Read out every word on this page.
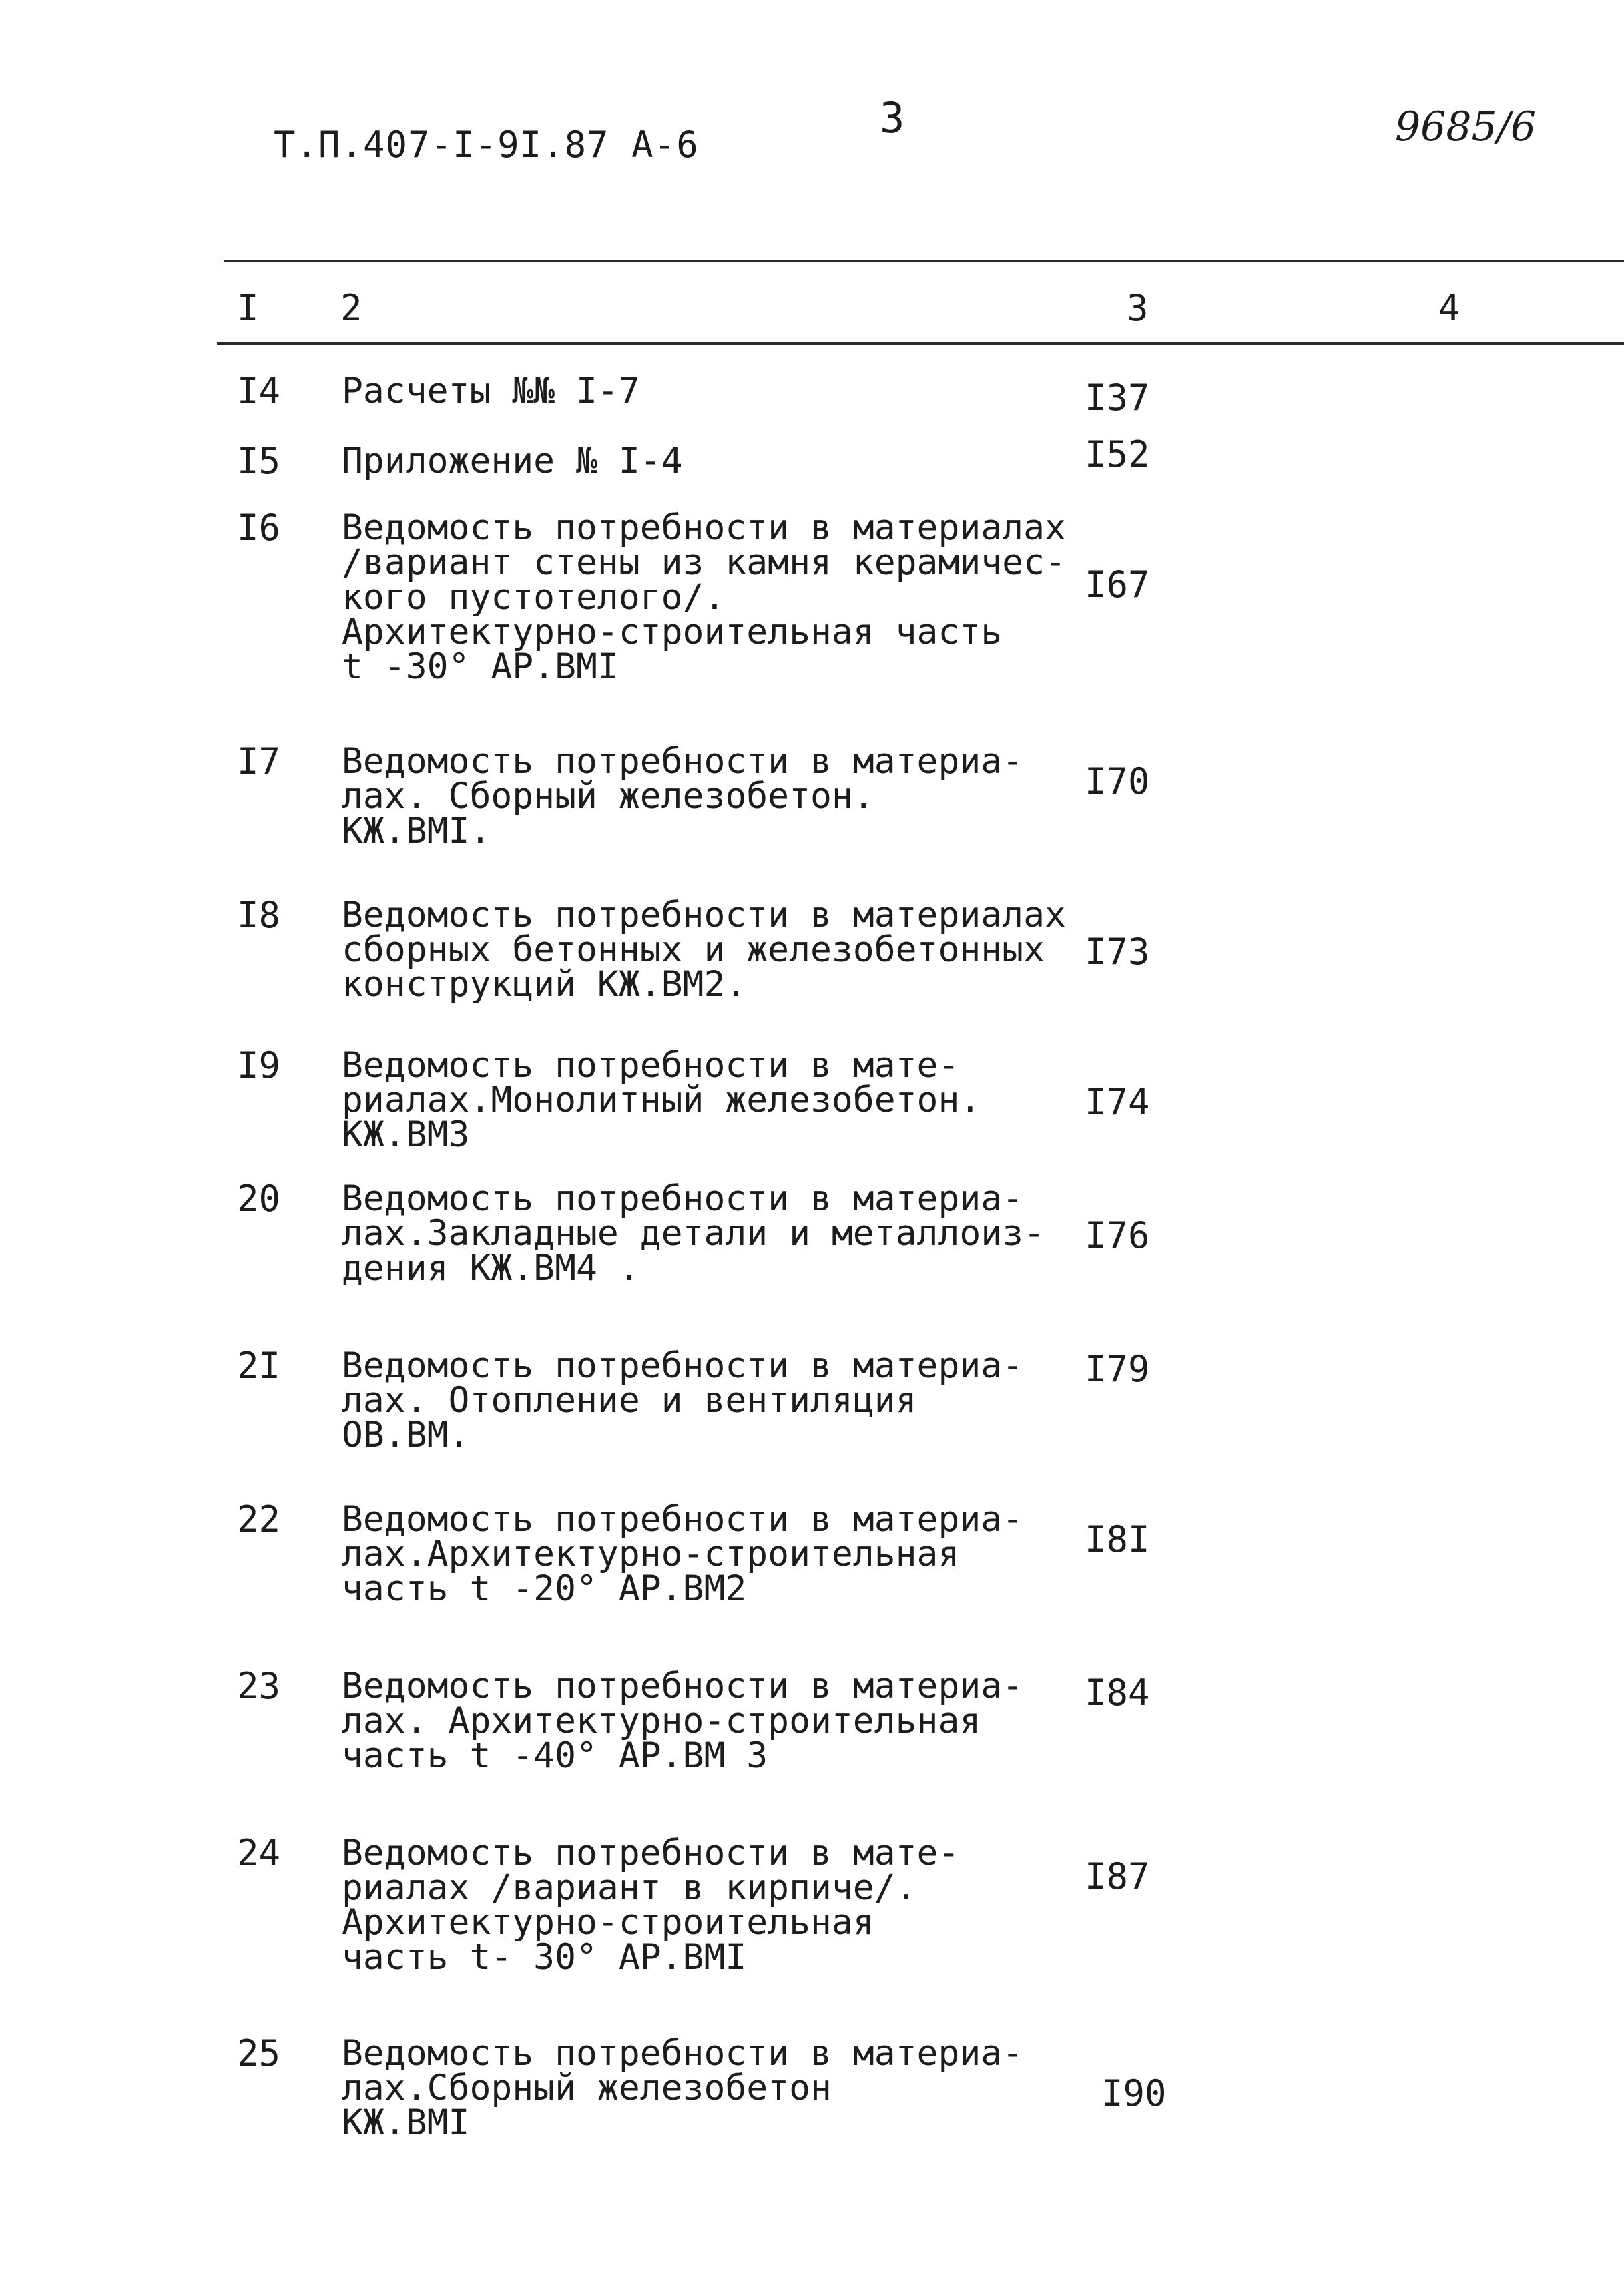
Т.П.407-I-9I.87 А-6
3	9685/6
I 2	3	4
I4 Расчеты №№ I-7	I37
I5 Приложение № I-4	I52
I6 Ведомость потребности в материалах
/вариант стены из камня керамичес-
кого пустотелого/.
Архитектурно-строительная часть
t -30° АР.ВМI
I67
I7 Ведомость потребности в материа-
лах. Сборный железобетон.
КЖ.ВМI.
I70
I8 Ведомость потребности в материалах
сборных бетонных и железобетонных
конструкций КЖ.ВМ2.
I73
I9 Ведомость потребности в мате-
риалах.Монолитный железобетон.
КЖ.ВМ3
I74
20 Ведомость потребности в материа-
лах.Закладные детали и металлоиз-
дения КЖ.ВМ4 .
I76
2I Ведомость потребности в материа-
лах. Отопление и вентиляция
ОВ.ВМ.
I79
22 Ведомость потребности в материа-
лах.Архитектурно-строительная
часть t -20° АР.ВМ2
I8I
23 Ведомость потребности в материа-
лах. Архитектурно-строительная
часть t -40° АР.ВМ 3
I84
24 Ведомость потребности в мате-
риалах /вариант в кирпиче/.
Архитектурно-строительная
часть t- 30° АР.ВМI
I87
25 Ведомость потребности в материа-
лах.Сборный железобетон
КЖ.ВМI
I90
